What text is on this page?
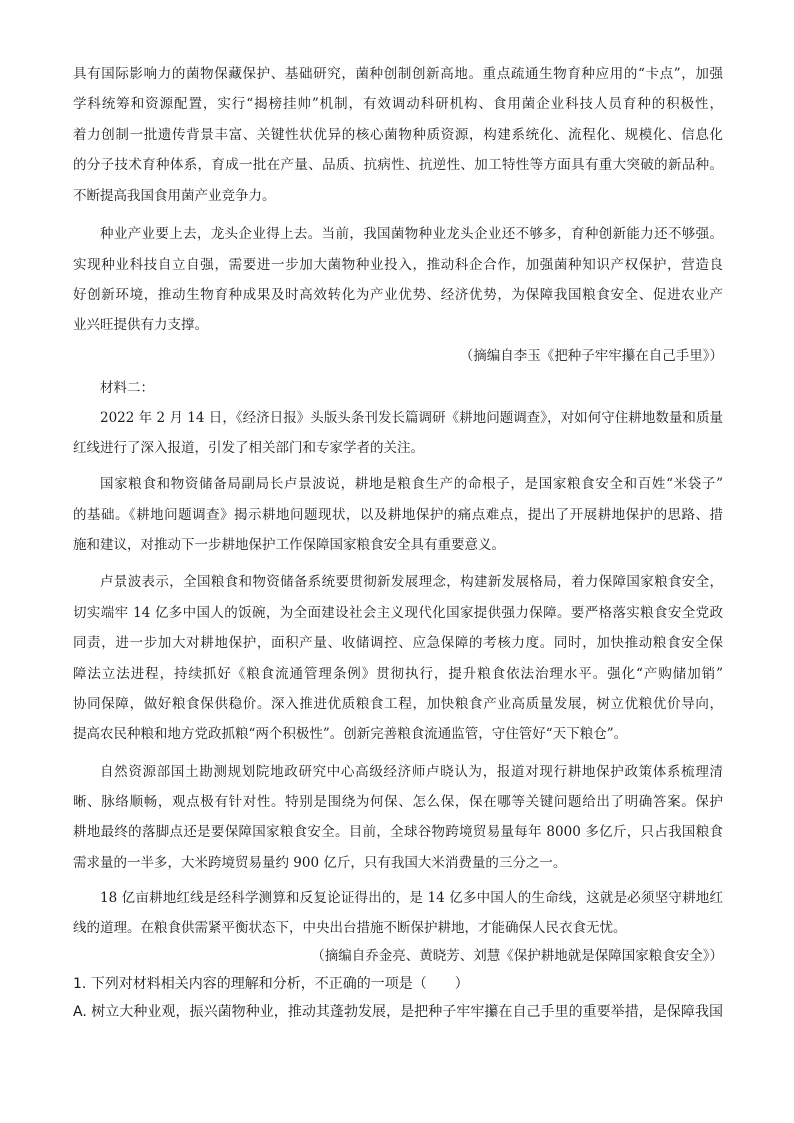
具有国际影响力的菌物保藏保护、基础研究，菌种创制创新高地。重点疏通生物育种应用的“卡点”，加强
学科统筹和资源配置，实行“揭榜挂帅”机制，有效调动科研机构、食用菌企业科技人员育种的积极性，
着力创制一批遗传背景丰富、关键性状优异的核心菌物种质资源，构建系统化、流程化、规模化、信息化
的分子技术育种体系，育成一批在产量、品质、抗病性、抗逆性、加工特性等方面具有重大突破的新品种。
不断提高我国食用菌产业竞争力。
种业产业要上去，龙头企业得上去。当前，我国菌物种业龙头企业还不够多，育种创新能力还不够强。
实现种业科技自立自强，需要进一步加大菌物种业投入，推动科企合作，加强菌种知识产权保护，营造良
好创新环境，推动生物育种成果及时高效转化为产业优势、经济优势，为保障我国粮食安全、促进农业产
业兴旺提供有力支撑。
（摘编自李玉《把种子牢牢攥在自己手里》）
材料二：
2022 年 2 月 14 日，《经济日报》头版头条刊发长篇调研《耕地问题调查》，对如何守住耕地数量和质量
红线进行了深入报道，引发了相关部门和专家学者的关注。
国家粮食和物资储备局副局长卢景波说，耕地是粮食生产的命根子，是国家粮食安全和百姓“米袋子”
的基础。《耕地问题调查》揭示耕地问题现状，以及耕地保护的痛点难点，提出了开展耕地保护的思路、措
施和建议，对推动下一步耕地保护工作保障国家粮食安全具有重要意义。
卢景波表示，全国粮食和物资储备系统要贯彻新发展理念，构建新发展格局，着力保障国家粮食安全，
切实端牢 14 亿多中国人的饭碗，为全面建设社会主义现代化国家提供强力保障。要严格落实粮食安全党政
同责，进一步加大对耕地保护，面积产量、收储调控、应急保障的考核力度。同时，加快推动粮食安全保
障法立法进程，持续抓好《粮食流通管理条例》贯彻执行，提升粮食依法治理水平。强化“产购储加销”
协同保障，做好粮食保供稳价。深入推进优质粮食工程，加快粮食产业高质量发展，树立优粮优价导向，
提高农民种粮和地方党政抓粮“两个积极性”。创新完善粮食流通监管，守住管好“天下粮仓”。
自然资源部国土勘测规划院地政研究中心高级经济师卢晓认为，报道对现行耕地保护政策体系梳理清
晰、脉络顺畅，观点极有针对性。特别是围绕为何保、怎么保，保在哪等关键问题给出了明确答案。保护
耕地最终的落脚点还是要保障国家粮食安全。目前，全球谷物跨境贸易量每年 8000 多亿斤，只占我国粮食
需求量的一半多，大米跨境贸易量约 900 亿斤，只有我国大米消费量的三分之一。
18 亿亩耕地红线是经科学测算和反复论证得出的，是 14 亿多中国人的生命线，这就是必须坚守耕地红
线的道理。在粮食供需紧平衡状态下，中央出台措施不断保护耕地，才能确保人民衣食无忧。
（摘编自乔金亮、黄晓芳、刘慧《保护耕地就是保障国家粮食安全》）
1. 下列对材料相关内容的理解和分析，不正确的一项是（　　）
A. 树立大种业观，振兴菌物种业，推动其蓬勃发展，是把种子牢牢攥在自己手里的重要举措，是保障我国
